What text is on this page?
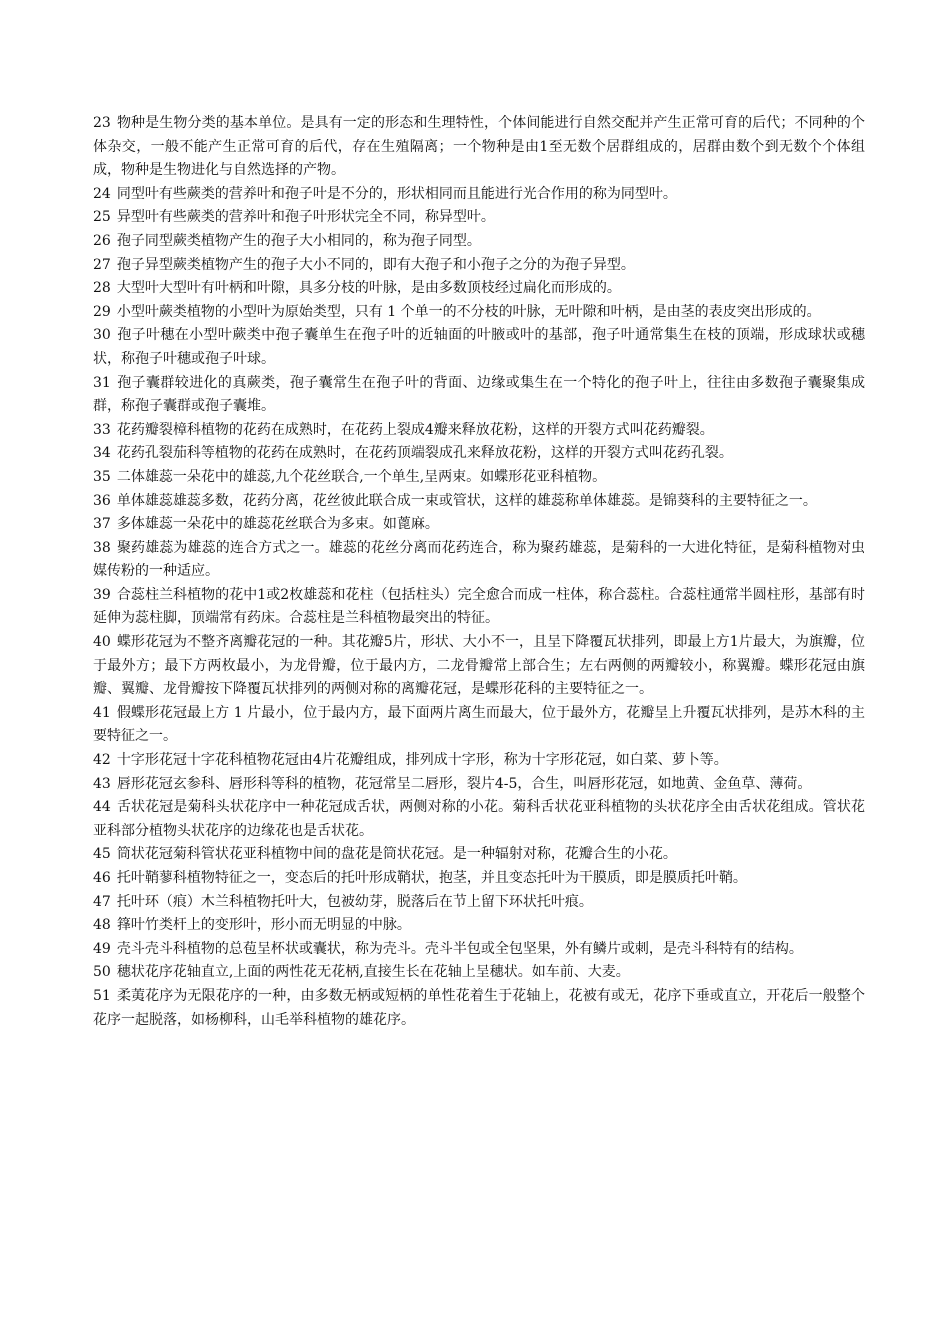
23 物种是生物分类的基本单位。是具有一定的形态和生理特性，个体间能进行自然交配并产生正常可育的后代；不同种的个体杂交，一般不能产生正常可育的后代，存在生殖隔离；一个物种是由1至无数个居群组成的，居群由数个到无数个个体组成，物种是生物进化与自然选择的产物。

24 同型叶有些蕨类的营养叶和孢子叶是不分的，形状相同而且能进行光合作用的称为同型叶。

25 异型叶有些蕨类的营养叶和孢子叶形状完全不同，称异型叶。

26 孢子同型蕨类植物产生的孢子大小相同的，称为孢子同型。

27 孢子异型蕨类植物产生的孢子大小不同的，即有大孢子和小孢子之分的为孢子异型。

28 大型叶大型叶有叶柄和叶隙，具多分枝的叶脉，是由多数顶枝经过扁化而形成的。

29 小型叶蕨类植物的小型叶为原始类型，只有 1 个单一的不分枝的叶脉，无叶隙和叶柄，是由茎的表皮突出形成的。

30 孢子叶穗在小型叶蕨类中孢子囊单生在孢子叶的近轴面的叶腋或叶的基部，孢子叶通常集生在枝的顶端，形成球状或穗状，称孢子叶穗或孢子叶球。

31 孢子囊群较进化的真蕨类，孢子囊常生在孢子叶的背面、边缘或集生在一个特化的孢子叶上，往往由多数孢子囊聚集成群，称孢子囊群或孢子囊堆。

33 花药瓣裂樟科植物的花药在成熟时，在花药上裂成4瓣来释放花粉，这样的开裂方式叫花药瓣裂。

34 花药孔裂茄科等植物的花药在成熟时，在花药顶端裂成孔来释放花粉，这样的开裂方式叫花药孔裂。

35 二体雄蕊一朵花中的雄蕊,九个花丝联合,一个单生,呈两束。如蝶形花亚科植物。

36 单体雄蕊雄蕊多数，花药分离，花丝彼此联合成一束或管状，这样的雄蕊称单体雄蕊。是锦葵科的主要特征之一。

37 多体雄蕊一朵花中的雄蕊花丝联合为多束。如蓖麻。

38 聚药雄蕊为雄蕊的连合方式之一。雄蕊的花丝分离而花药连合，称为聚药雄蕊，是菊科的一大进化特征，是菊科植物对虫媒传粉的一种适应。

39 合蕊柱兰科植物的花中1或2枚雄蕊和花柱（包括柱头）完全愈合而成一柱体，称合蕊柱。合蕊柱通常半圆柱形，基部有时延伸为蕊柱脚，顶端常有药床。合蕊柱是兰科植物最突出的特征。

40 蝶形花冠为不整齐离瓣花冠的一种。其花瓣5片，形状、大小不一，且呈下降覆瓦状排列，即最上方1片最大，为旗瓣，位于最外方；最下方两枚最小，为龙骨瓣，位于最内方，二龙骨瓣常上部合生；左右两侧的两瓣较小，称翼瓣。蝶形花冠由旗瓣、翼瓣、龙骨瓣按下降覆瓦状排列的两侧对称的离瓣花冠，是蝶形花科的主要特征之一。

41 假蝶形花冠最上方 1 片最小，位于最内方，最下面两片离生而最大，位于最外方，花瓣呈上升覆瓦状排列，是苏木科的主要特征之一。

42 十字形花冠十字花科植物花冠由4片花瓣组成，排列成十字形，称为十字形花冠，如白菜、萝卜等。

43 唇形花冠玄参科、唇形科等科的植物，花冠常呈二唇形，裂片4-5，合生，叫唇形花冠，如地黄、金鱼草、薄荷。

44 舌状花冠是菊科头状花序中一种花冠成舌状，两侧对称的小花。菊科舌状花亚科植物的头状花序全由舌状花组成。管状花亚科部分植物头状花序的边缘花也是舌状花。

45 筒状花冠菊科管状花亚科植物中间的盘花是筒状花冠。是一种辐射对称，花瓣合生的小花。

46 托叶鞘蓼科植物特征之一，变态后的托叶形成鞘状，抱茎，并且变态托叶为干膜质，即是膜质托叶鞘。

47 托叶环（痕）木兰科植物托叶大，包被幼芽，脱落后在节上留下环状托叶痕。

48 箨叶竹类杆上的变形叶，形小而无明显的中脉。

49 壳斗壳斗科植物的总苞呈杯状或囊状，称为壳斗。壳斗半包或全包坚果，外有鳞片或刺，是壳斗科特有的结构。

50 穗状花序花轴直立,上面的两性花无花柄,直接生长在花轴上呈穗状。如车前、大麦。

51 柔荑花序为无限花序的一种，由多数无柄或短柄的单性花着生于花轴上，花被有或无，花序下垂或直立，开花后一般整个花序一起脱落，如杨柳科，山毛举科植物的雄花序。
